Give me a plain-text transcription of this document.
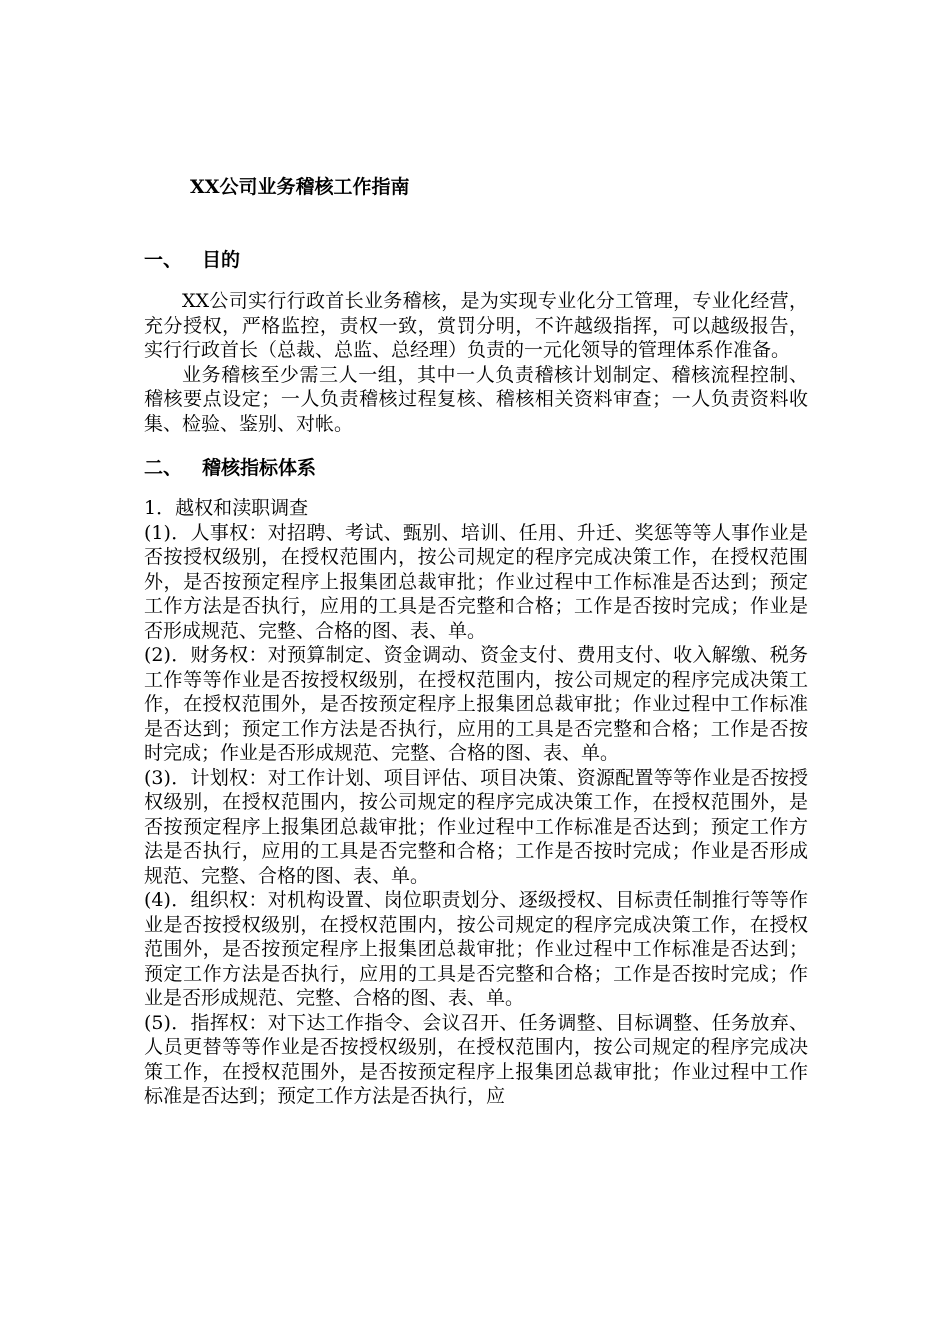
XX公司业务稽核工作指南
一、 目的

XX公司实行行政首长业务稽核，是为实现专业化分工管理，专业化经营，充分授权，严格监控，责权一致，赏罚分明，不许越级指挥，可以越级报告，实行行政首长（总裁、总监、总经理）负责的一元化领导的管理体系作准备。

业务稽核至少需三人一组，其中一人负责稽核计划制定、稽核流程控制、稽核要点设定；一人负责稽核过程复核、稽核相关资料审查；一人负责资料收集、检验、鉴别、对帐。

二、 稽核指标体系

1．越权和渎职调查

(1)．人事权：对招聘、考试、甄别、培训、任用、升迁、奖惩等等人事作业是否按授权级别，在授权范围内，按公司规定的程序完成决策工作，在授权范围外，是否按预定程序上报集团总裁审批；作业过程中工作标准是否达到；预定工作方法是否执行，应用的工具是否完整和合格；工作是否按时完成；作业是否形成规范、完整、合格的图、表、单。

(2)．财务权：对预算制定、资金调动、资金支付、费用支付、收入解缴、税务工作等等作业是否按授权级别，在授权范围内，按公司规定的程序完成决策工作，在授权范围外，是否按预定程序上报集团总裁审批；作业过程中工作标准是否达到；预定工作方法是否执行，应用的工具是否完整和合格；工作是否按时完成；作业是否形成规范、完整、合格的图、表、单。

(3)．计划权：对工作计划、项目评估、项目决策、资源配置等等作业是否按授权级别，在授权范围内，按公司规定的程序完成决策工作，在授权范围外，是否按预定程序上报集团总裁审批；作业过程中工作标准是否达到；预定工作方法是否执行，应用的工具是否完整和合格；工作是否按时完成；作业是否形成规范、完整、合格的图、表、单。

(4)．组织权：对机构设置、岗位职责划分、逐级授权、目标责任制推行等等作业是否按授权级别，在授权范围内，按公司规定的程序完成决策工作，在授权范围外，是否按预定程序上报集团总裁审批；作业过程中工作标准是否达到；预定工作方法是否执行，应用的工具是否完整和合格；工作是否按时完成；作业是否形成规范、完整、合格的图、表、单。

(5)．指挥权：对下达工作指令、会议召开、任务调整、目标调整、任务放弃、人员更替等等作业是否按授权级别，在授权范围内，按公司规定的程序完成决策工作，在授权范围外，是否按预定程序上报集团总裁审批；作业过程中工作标准是否达到；预定工作方法是否执行，应
